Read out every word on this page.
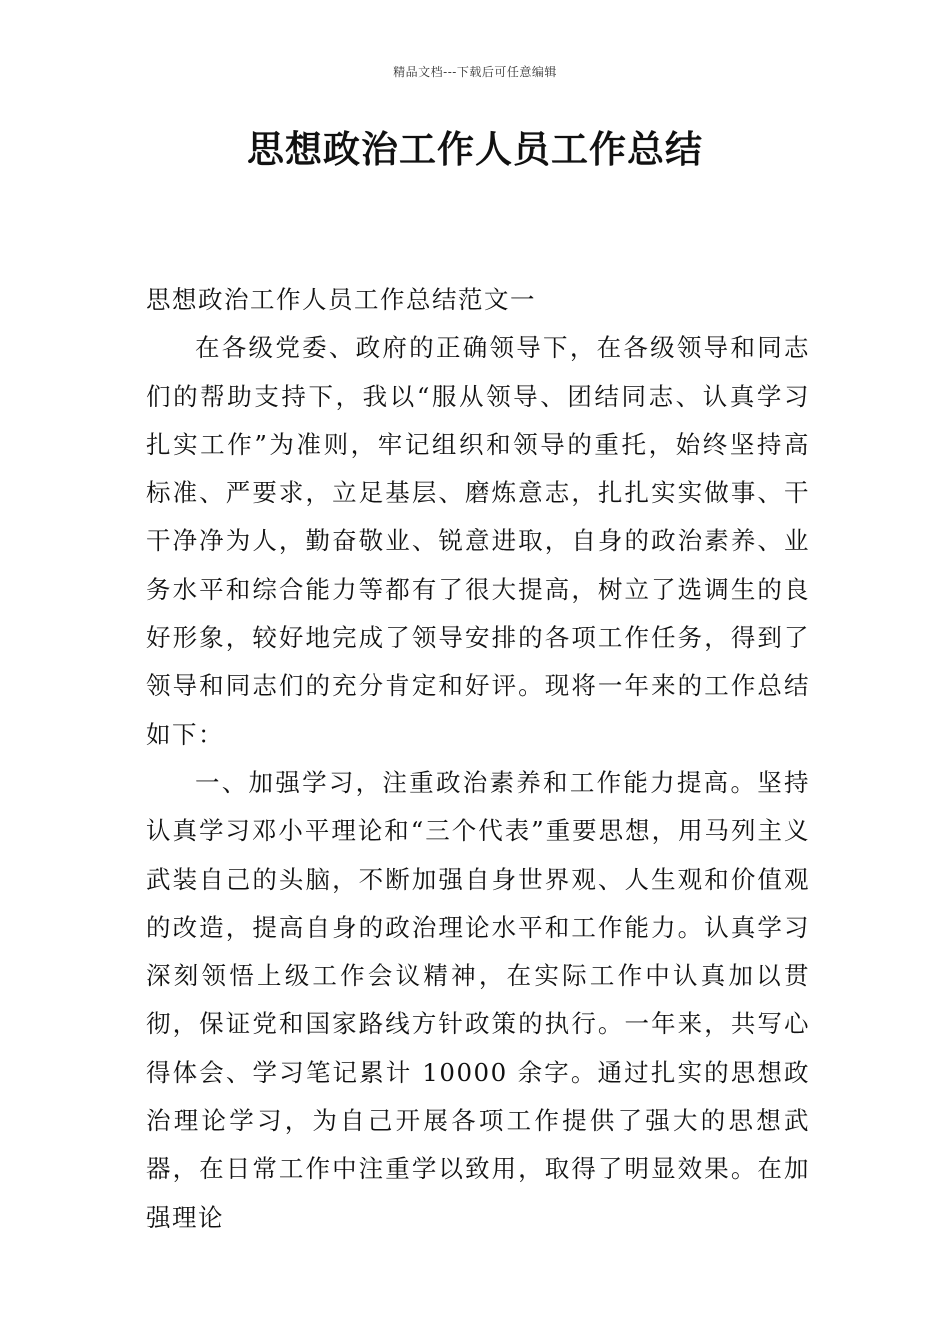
精品文档---下载后可任意编辑
思想政治工作人员工作总结

思想政治工作人员工作总结范文一

在各级党委、政府的正确领导下，在各级领导和同志们的帮助支持下，我以“服从领导、团结同志、认真学习扎实工作”为准则，牢记组织和领导的重托，始终坚持高标准、严要求，立足基层、磨炼意志，扎扎实实做事、干干净净为人，勤奋敬业、锐意进取，自身的政治素养、业务水平和综合能力等都有了很大提高，树立了选调生的良好形象，较好地完成了领导安排的各项工作任务，得到了领导和同志们的充分肯定和好评。现将一年来的工作总结如下：

一、加强学习，注重政治素养和工作能力提高。坚持认真学习邓小平理论和“三个代表”重要思想，用马列主义武装自己的头脑，不断加强自身世界观、人生观和价值观的改造，提高自身的政治理论水平和工作能力。认真学习深刻领悟上级工作会议精神，在实际工作中认真加以贯彻，保证党和国家路线方针政策的执行。一年来，共写心得体会、学习笔记累计 10000 余字。通过扎实的思想政治理论学习，为自己开展各项工作提供了强大的思想武器，在日常工作中注重学以致用，取得了明显效果。在加强理论
